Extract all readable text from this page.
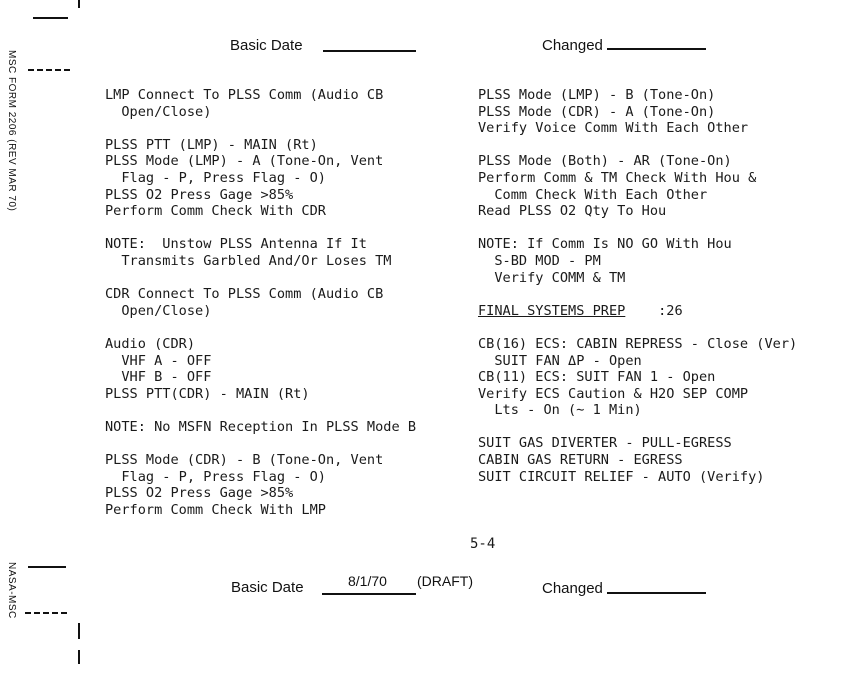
MSC FORM 2206 (REV MAR 70)
NASA-MSC
Basic Date	Changed
LMP Connect To PLSS Comm (Audio CB
Open/Close)
PLSS PTT (LMP) - MAIN (Rt)
PLSS Mode (LMP) - A (Tone-On, Vent
Flag - P, Press Flag - O)
PLSS O2 Press Gage >85%
Perform Comm Check With CDR
NOTE:  Unstow PLSS Antenna If It
Transmits Garbled And/Or Loses TM
CDR Connect To PLSS Comm (Audio CB
Open/Close)
Audio (CDR)
VHF A - OFF
VHF B - OFF
PLSS PTT(CDR) - MAIN (Rt)
NOTE: No MSFN Reception In PLSS Mode B
PLSS Mode (CDR) - B (Tone-On, Vent
Flag - P, Press Flag - O)
PLSS O2 Press Gage >85%
Perform Comm Check With LMP
PLSS Mode (LMP) - B (Tone-On)
PLSS Mode (CDR) - A (Tone-On)
Verify Voice Comm With Each Other
PLSS Mode (Both) - AR (Tone-On)
Perform Comm & TM Check With Hou &
Comm Check With Each Other
Read PLSS O2 Qty To Hou
NOTE: If Comm Is NO GO With Hou
S-BD MOD - PM
Verify COMM & TM
FINAL SYSTEMS PREP :26
CB(16) ECS: CABIN REPRESS - Close (Ver)
SUIT FAN ΔP - Open
CB(11) ECS: SUIT FAN 1 - Open
Verify ECS Caution & H2O SEP COMP
Lts - On (∼ 1 Min)
SUIT GAS DIVERTER - PULL-EGRESS
CABIN GAS RETURN - EGRESS
SUIT CIRCUIT RELIEF - AUTO (Verify)
5-4
Basic Date	8/1/70 (DRAFT)	Changed
